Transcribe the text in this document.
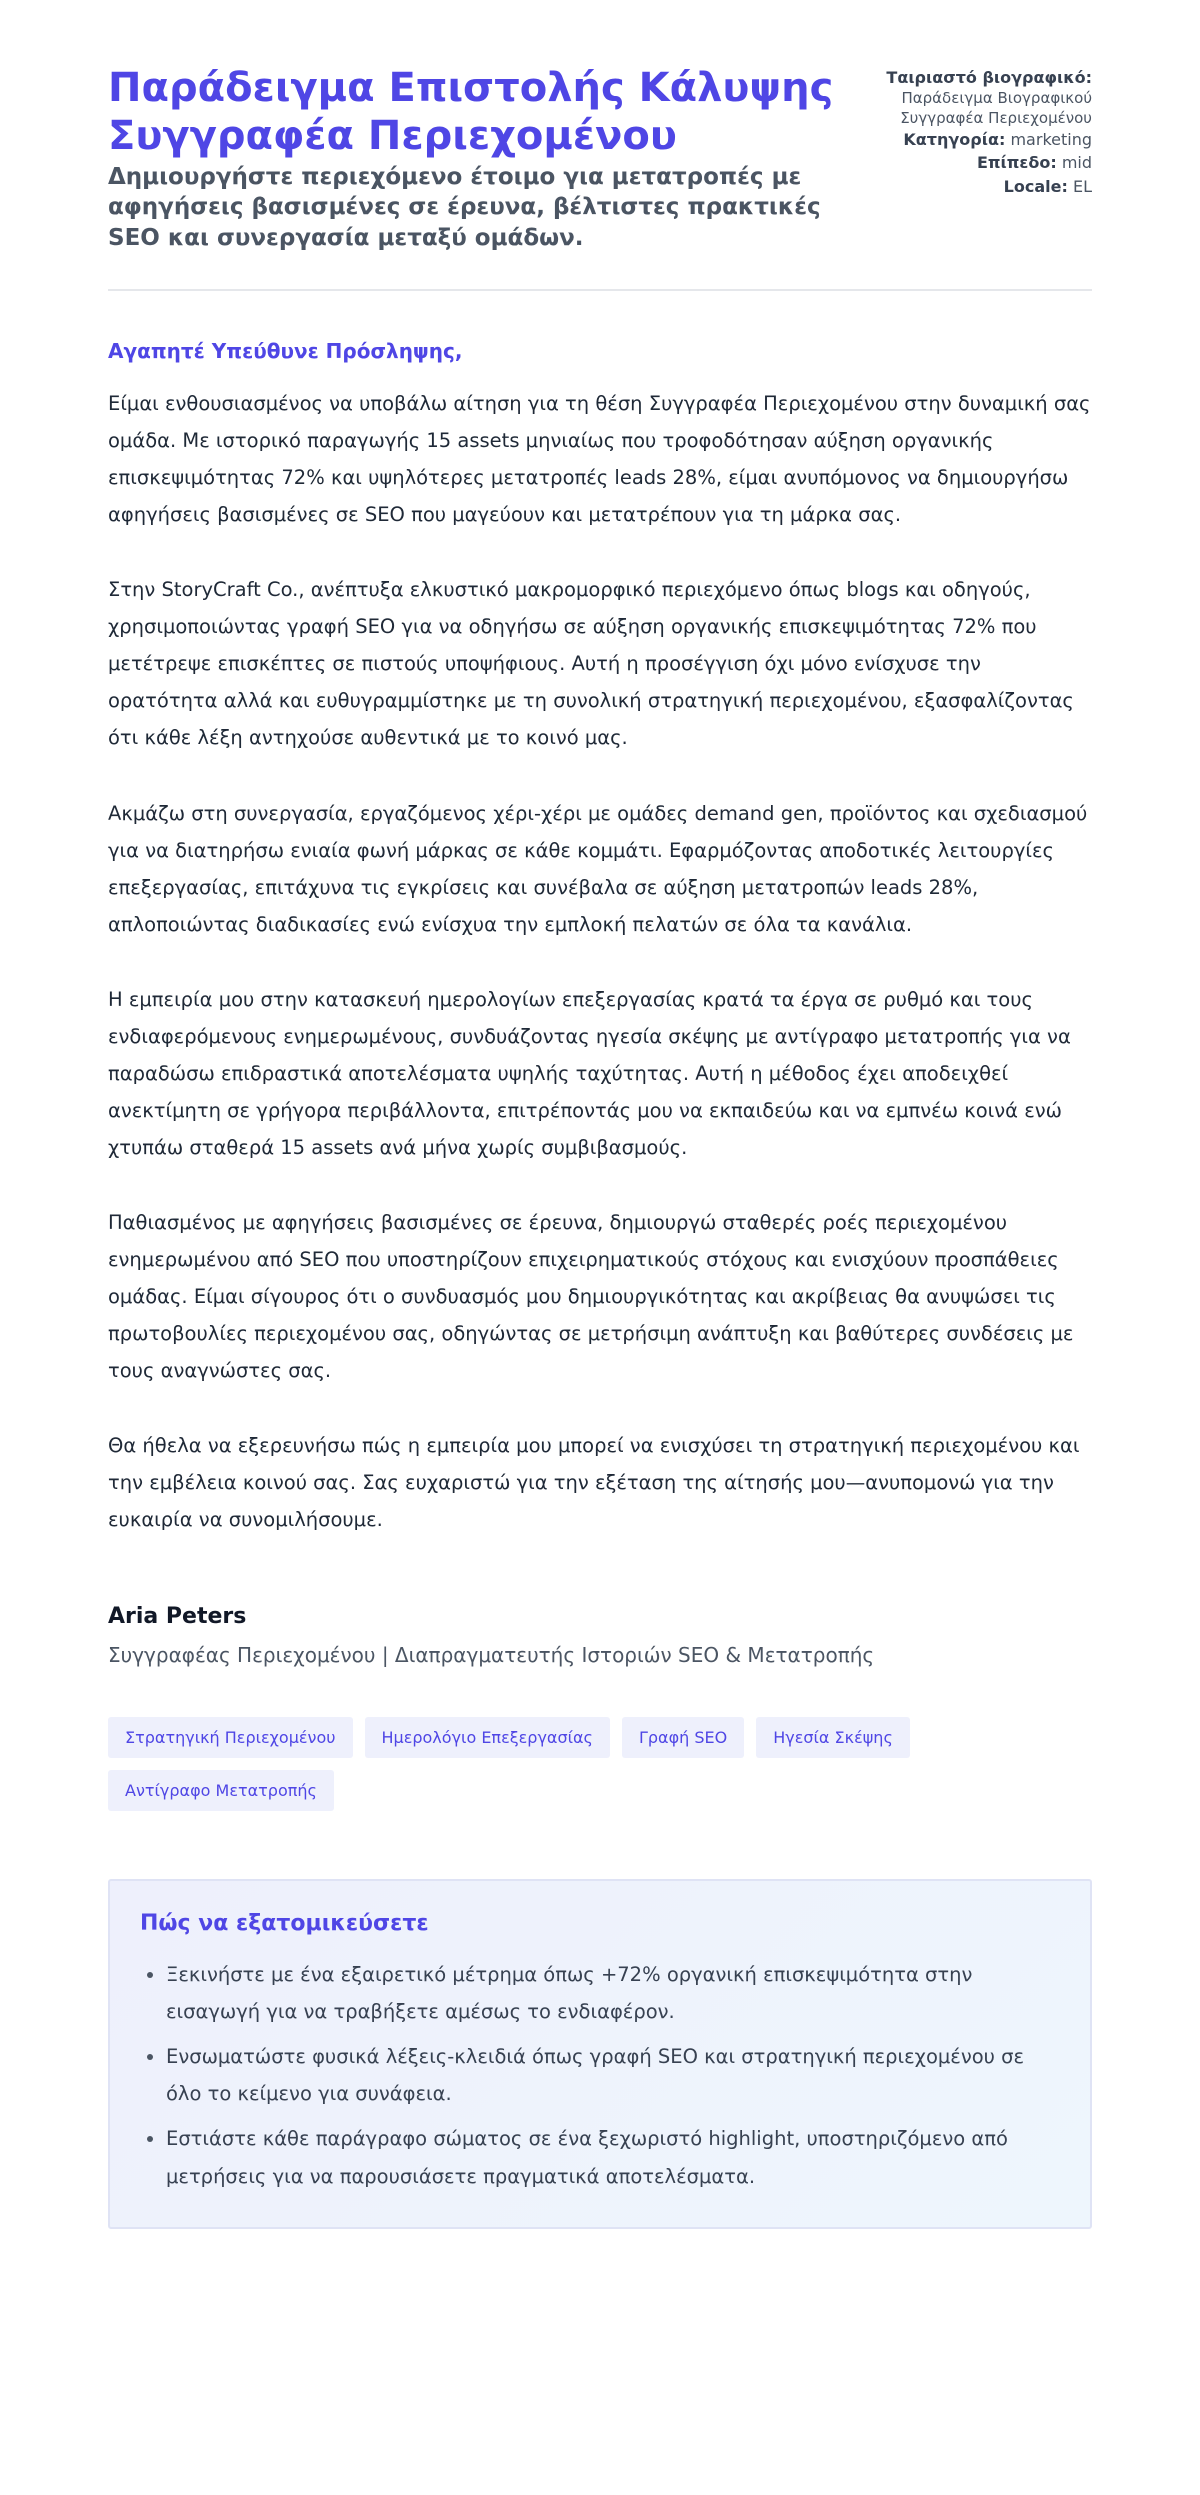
Παράδειγμα Επιστολής Κάλυψης Συγγραφέα Περιεχομένου

Δημιουργήστε περιεχόμενο έτοιμο για μετατροπές με αφηγήσεις βασισμένες σε έρευνα, βέλτιστες πρακτικές SEO και συνεργασία μεταξύ ομάδων.

Ταιριαστό βιογραφικό:
Παράδειγμα Βιογραφικού Συγγραφέα Περιεχομένου
Κατηγορία: marketing
Επίπεδο: mid
Locale: EL
Αγαπητέ Υπεύθυνε Πρόσληψης,

Είμαι ενθουσιασμένος να υποβάλω αίτηση για τη θέση Συγγραφέα Περιεχομένου στην δυναμική σας ομάδα. Με ιστορικό παραγωγής 15 assets μηνιαίως που τροφοδότησαν αύξηση οργανικής επισκεψιμότητας 72% και υψηλότερες μετατροπές leads 28%, είμαι ανυπόμονος να δημιουργήσω αφηγήσεις βασισμένες σε SEO που μαγεύουν και μετατρέπουν για τη μάρκα σας.

Στην StoryCraft Co., ανέπτυξα ελκυστικό μακρομορφικό περιεχόμενο όπως blogs και οδηγούς, χρησιμοποιώντας γραφή SEO για να οδηγήσω σε αύξηση οργανικής επισκεψιμότητας 72% που μετέτρεψε επισκέπτες σε πιστούς υποψήφιους. Αυτή η προσέγγιση όχι μόνο ενίσχυσε την ορατότητα αλλά και ευθυγραμμίστηκε με τη συνολική στρατηγική περιεχομένου, εξασφαλίζοντας ότι κάθε λέξη αντηχούσε αυθεντικά με το κοινό μας.

Ακμάζω στη συνεργασία, εργαζόμενος χέρι-χέρι με ομάδες demand gen, προϊόντος και σχεδιασμού για να διατηρήσω ενιαία φωνή μάρκας σε κάθε κομμάτι. Εφαρμόζοντας αποδοτικές λειτουργίες επεξεργασίας, επιτάχυνα τις εγκρίσεις και συνέβαλα σε αύξηση μετατροπών leads 28%, απλοποιώντας διαδικασίες ενώ ενίσχυα την εμπλοκή πελατών σε όλα τα κανάλια.

Η εμπειρία μου στην κατασκευή ημερολογίων επεξεργασίας κρατά τα έργα σε ρυθμό και τους ενδιαφερόμενους ενημερωμένους, συνδυάζοντας ηγεσία σκέψης με αντίγραφο μετατροπής για να παραδώσω επιδραστικά αποτελέσματα υψηλής ταχύτητας. Αυτή η μέθοδος έχει αποδειχθεί ανεκτίμητη σε γρήγορα περιβάλλοντα, επιτρέποντάς μου να εκπαιδεύω και να εμπνέω κοινά ενώ χτυπάω σταθερά 15 assets ανά μήνα χωρίς συμβιβασμούς.

Παθιασμένος με αφηγήσεις βασισμένες σε έρευνα, δημιουργώ σταθερές ροές περιεχομένου ενημερωμένου από SEO που υποστηρίζουν επιχειρηματικούς στόχους και ενισχύουν προσπάθειες ομάδας. Είμαι σίγουρος ότι ο συνδυασμός μου δημιουργικότητας και ακρίβειας θα ανυψώσει τις πρωτοβουλίες περιεχομένου σας, οδηγώντας σε μετρήσιμη ανάπτυξη και βαθύτερες συνδέσεις με τους αναγνώστες σας.

Θα ήθελα να εξερευνήσω πώς η εμπειρία μου μπορεί να ενισχύσει τη στρατηγική περιεχομένου και την εμβέλεια κοινού σας. Σας ευχαριστώ για την εξέταση της αίτησής μου—ανυπομονώ για την ευκαιρία να συνομιλήσουμε.

Aria Peters
Συγγραφέας Περιεχομένου | Διαπραγματευτής Ιστοριών SEO & Μετατροπής
Στρατηγική Περιεχομένου	Ημερολόγιο Επεξεργασίας	Γραφή SEO	Ηγεσία Σκέψης
Αντίγραφο Μετατροπής
Πώς να εξατομικεύσετε
• Ξεκινήστε με ένα εξαιρετικό μέτρημα όπως +72% οργανική επισκεψιμότητα στην εισαγωγή για να τραβήξετε αμέσως το ενδιαφέρον.
• Ενσωματώστε φυσικά λέξεις-κλειδιά όπως γραφή SEO και στρατηγική περιεχομένου σε όλο το κείμενο για συνάφεια.
• Εστιάστε κάθε παράγραφο σώματος σε ένα ξεχωριστό highlight, υποστηριζόμενο από μετρήσεις για να παρουσιάσετε πραγματικά αποτελέσματα.
